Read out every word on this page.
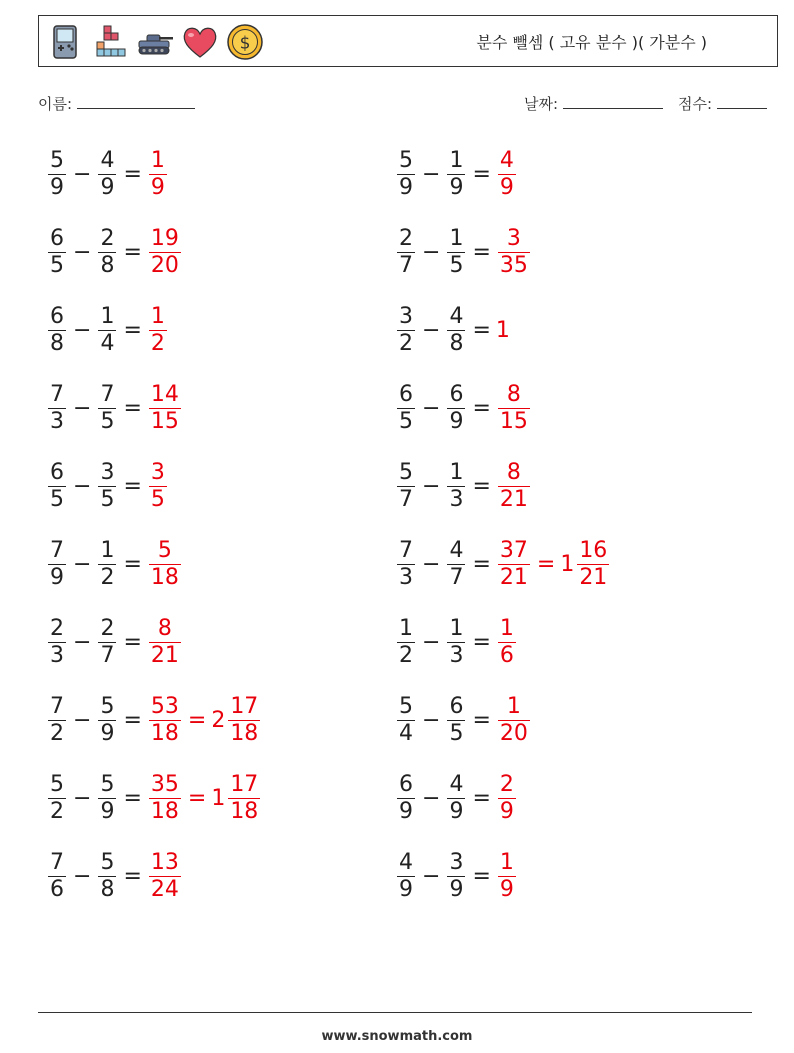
$	분수 뺄셈 ( 고유 분수 )( 가분수 )
이름:	날짜:	점수:
$\frac{5}{9} - \frac{4}{9} = \frac{1}{9}$	$\frac{5}{9} - \frac{1}{9} = \frac{4}{9}$
$\frac{6}{5} - \frac{2}{8} = \frac{19}{20}$	$\frac{2}{7} - \frac{1}{5} = \frac{3}{35}$
$\frac{6}{8} - \frac{1}{4} = \frac{1}{2}$	$\frac{3}{2} - \frac{4}{8} = 1$
$\frac{7}{3} - \frac{7}{5} = \frac{14}{15}$	$\frac{6}{5} - \frac{6}{9} = \frac{8}{15}$
$\frac{6}{5} - \frac{3}{5} = \frac{3}{5}$	$\frac{5}{7} - \frac{1}{3} = \frac{8}{21}$
$\frac{7}{9} - \frac{1}{2} = \frac{5}{18}$	$\frac{7}{3} - \frac{4}{7} = \frac{37}{21} = 1 \frac{16}{21}$
$\frac{2}{3} - \frac{2}{7} = \frac{8}{21}$	$\frac{1}{2} - \frac{1}{3} = \frac{1}{6}$
$\frac{7}{2} - \frac{5}{9} = \frac{53}{18} = 2 \frac{17}{18}$	$\frac{5}{4} - \frac{6}{5} = \frac{1}{20}$
$\frac{5}{2} - \frac{5}{9} = \frac{35}{18} = 1 \frac{17}{18}$	$\frac{6}{9} - \frac{4}{9} = \frac{2}{9}$
$\frac{7}{6} - \frac{5}{8} = \frac{13}{24}$	$\frac{4}{9} - \frac{3}{9} = \frac{1}{9}$
www.snowmath.com
